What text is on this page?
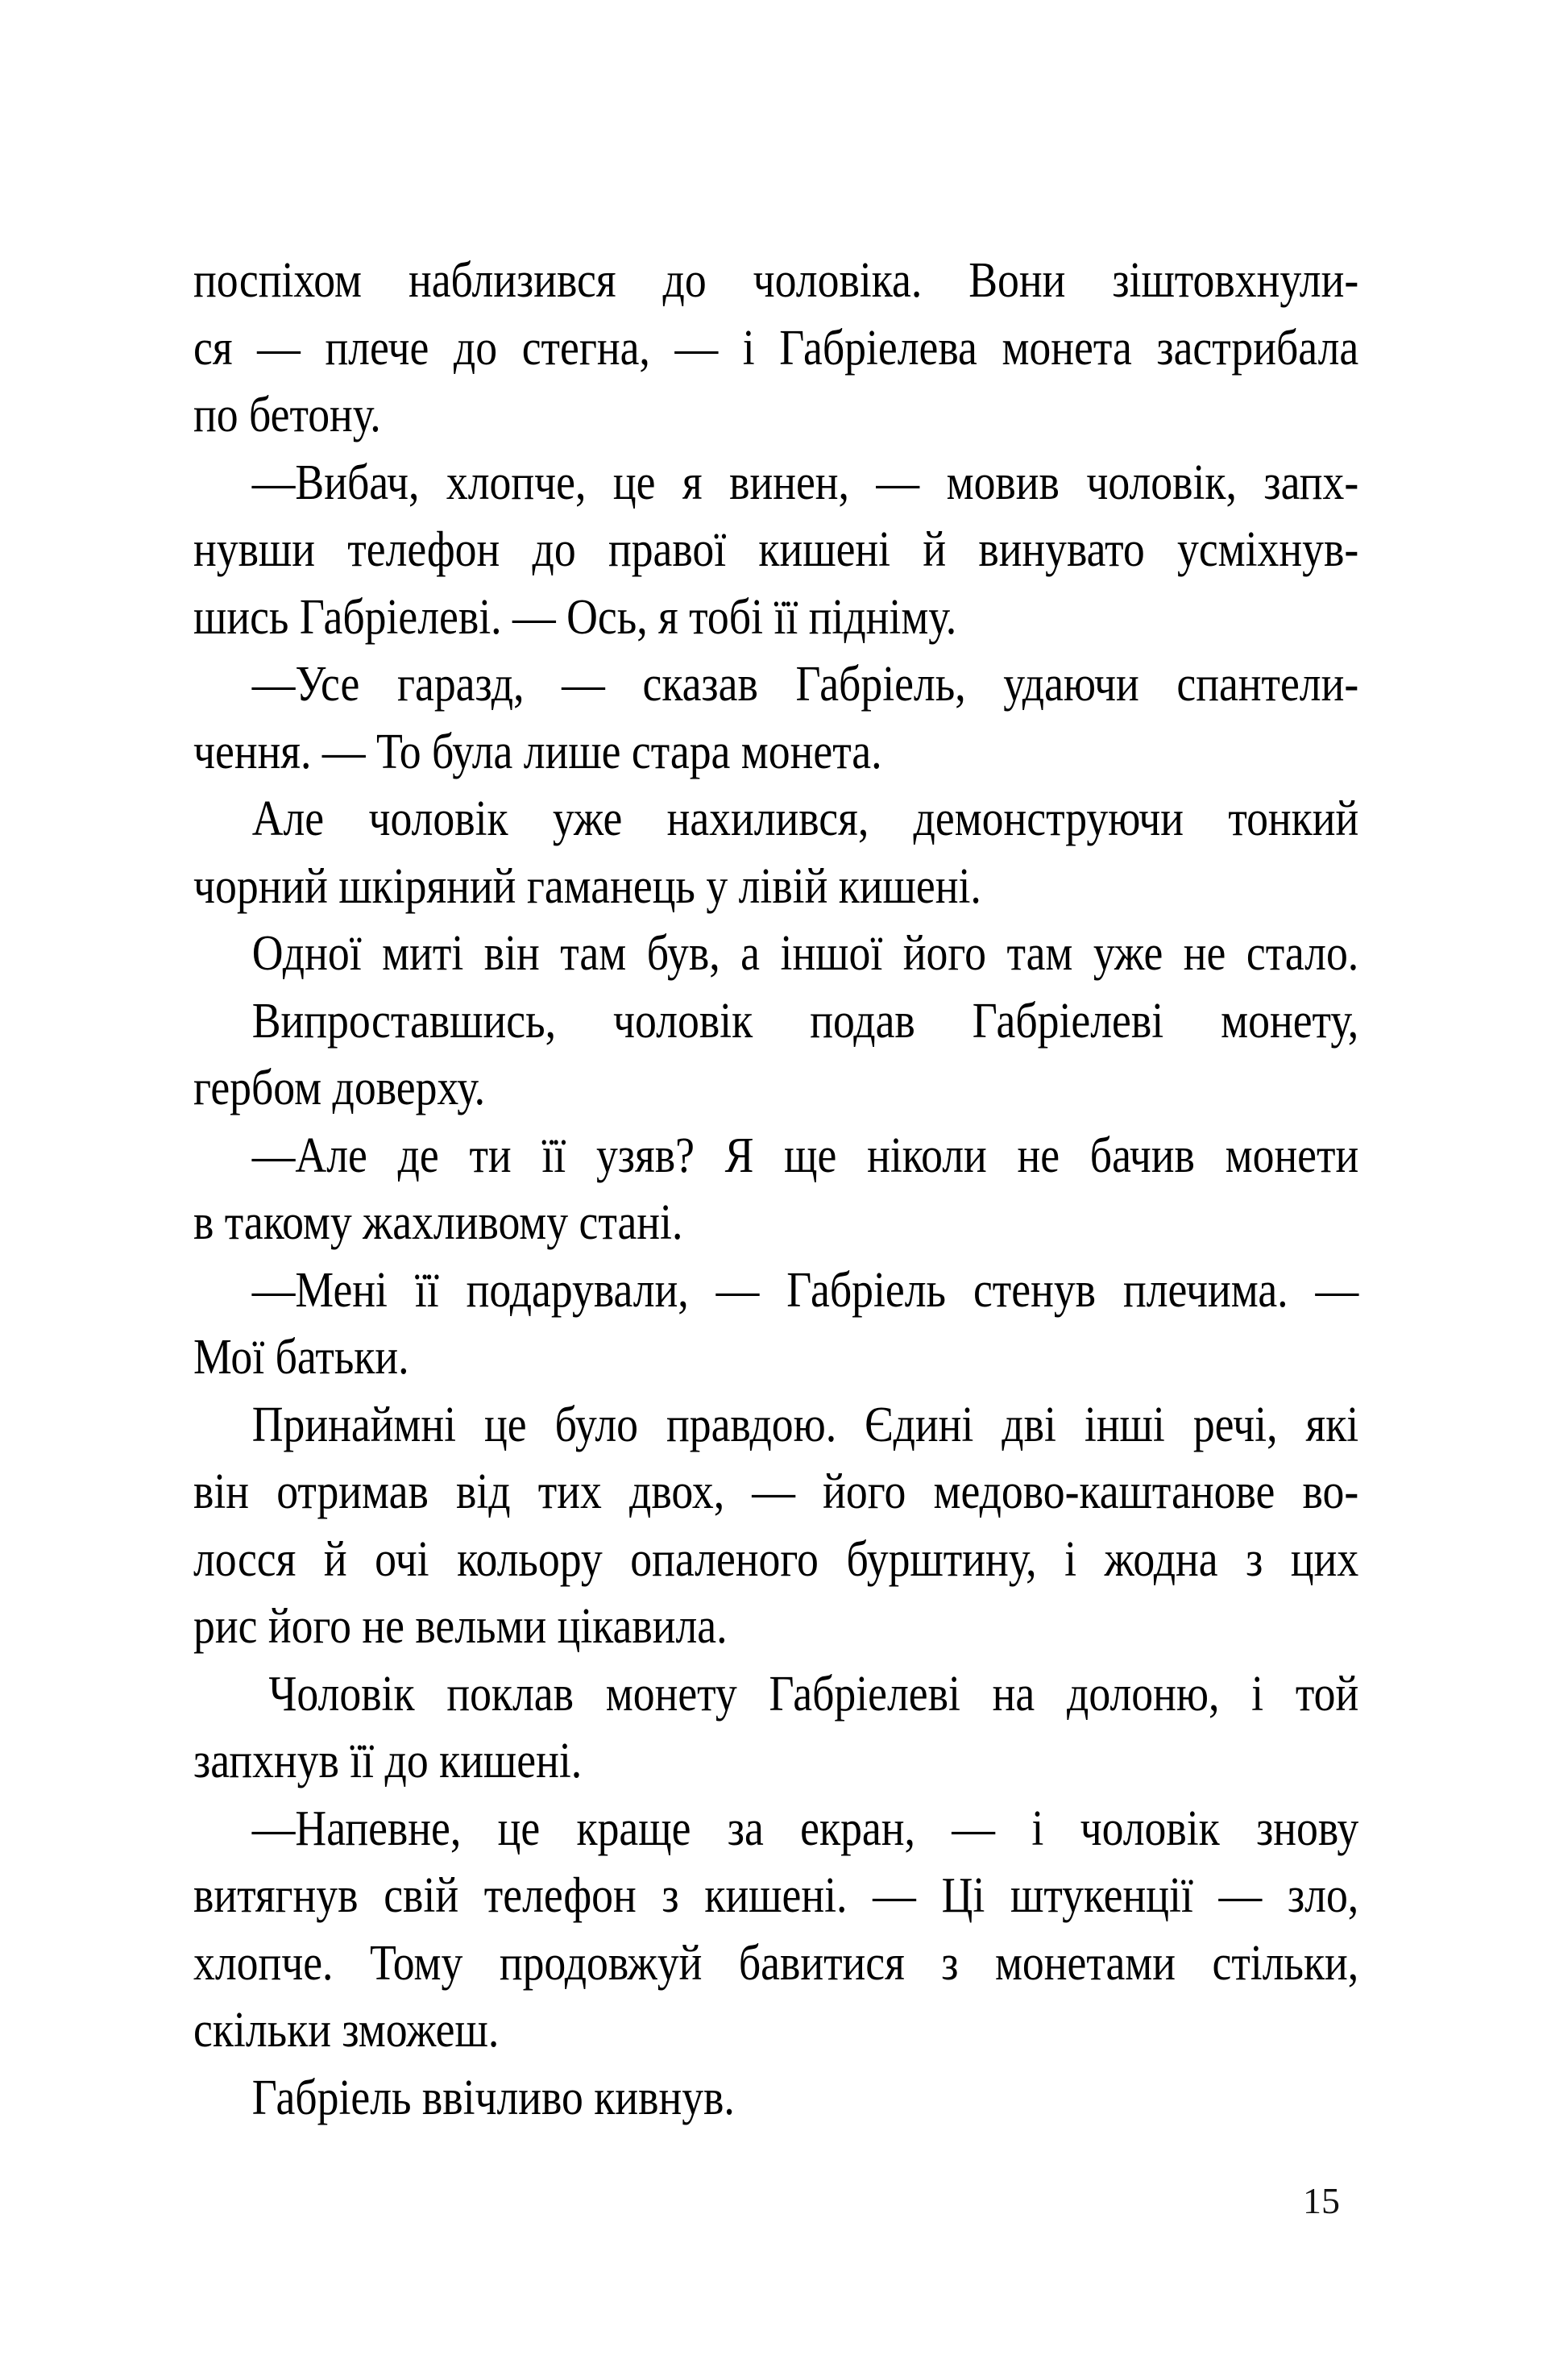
поспіхом наблизився до чоловіка. Вони зіштовхнули-
ся — плече до стегна, — і Габріелева монета застрибала
по бетону.

—Вибач, хлопче, це я винен, — мовив чоловік, запх-
нувши телефон до правої кишені й винувато усміхнув-
шись Габріелеві. — Ось, я тобі її підніму.

—Усе гаразд, — сказав Габріель, удаючи спантели-
чення. — То була лише стара монета.

Але чоловік уже нахилився, демонструючи тонкий
чорний шкіряний гаманець у лівій кишені.

Одної миті він там був, а іншої його там уже не стало.

Випроставшись, чоловік подав Габріелеві монету,
гербом доверху.

—Але де ти її узяв? Я ще ніколи не бачив монети
в такому жахливому стані.

—Мені її подарували, — Габріель стенув плечима. —
Мої батьки.

Принаймні це було правдою. Єдині дві інші речі, які
він отримав від тих двох, — його медово-каштанове во-
лосся й очі кольору опаленого бурштину, і жодна з цих
рис його не вельми цікавила.

Чоловік поклав монету Габріелеві на долоню, і той
запхнув її до кишені.

—Напевне, це краще за екран, — і чоловік знову
витягнув свій телефон з кишені. — Ці штукенції — зло,
хлопче. Тому продовжуй бавитися з монетами стільки,
скільки зможеш.

Габріель ввічливо кивнув.

15
